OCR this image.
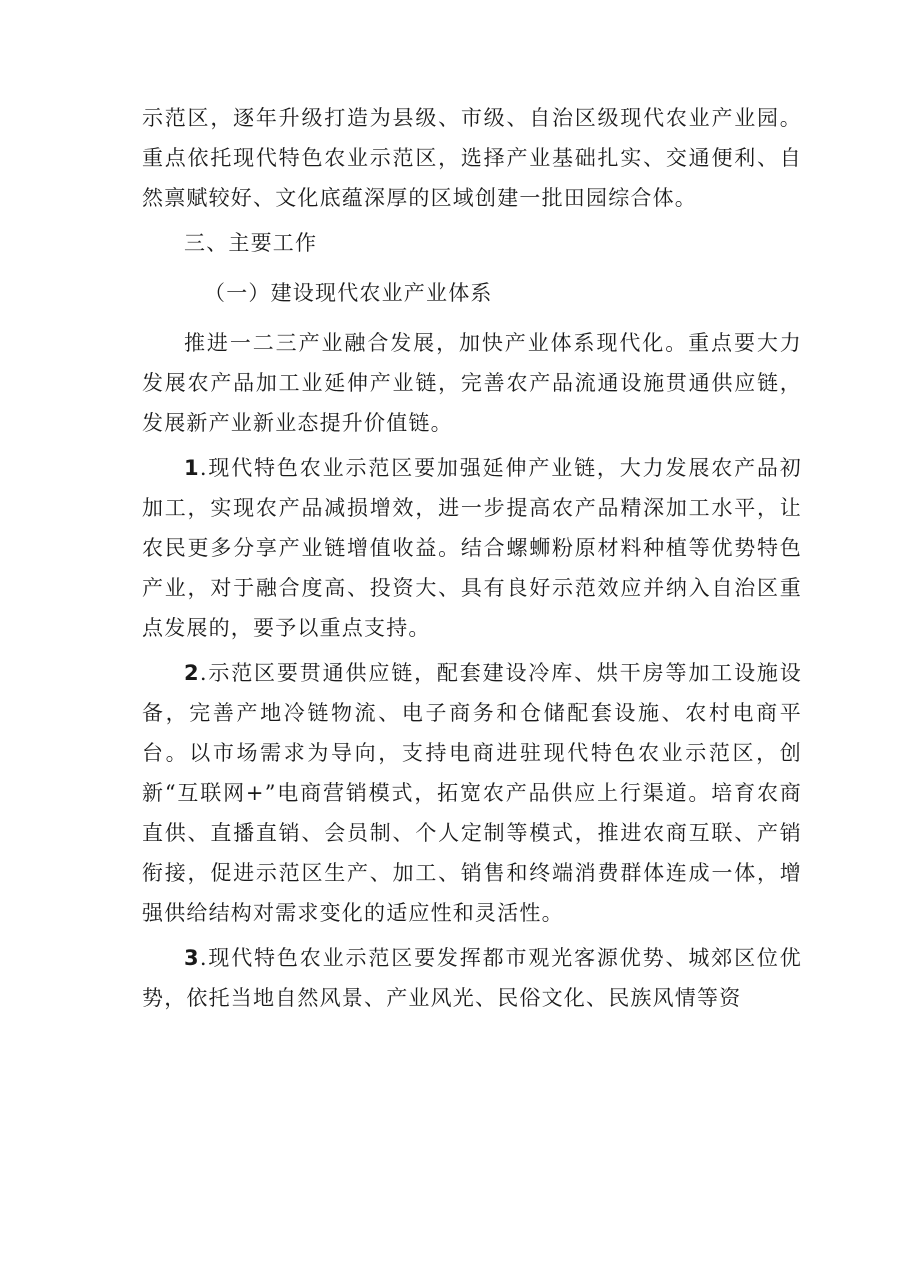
示范区，逐年升级打造为县级、市级、自治区级现代农业产业园。重点依托现代特色农业示范区，选择产业基础扎实、交通便利、自然禀赋较好、文化底蕴深厚的区域创建一批田园综合体。

三、主要工作

（一）建设现代农业产业体系

推进一二三产业融合发展，加快产业体系现代化。重点要大力发展农产品加工业延伸产业链，完善农产品流通设施贯通供应链，发展新产业新业态提升价值链。

1.现代特色农业示范区要加强延伸产业链，大力发展农产品初加工，实现农产品减损增效，进一步提高农产品精深加工水平，让农民更多分享产业链增值收益。结合螺蛳粉原材料种植等优势特色产业，对于融合度高、投资大、具有良好示范效应并纳入自治区重点发展的，要予以重点支持。

2.示范区要贯通供应链，配套建设冷库、烘干房等加工设施设备，完善产地冷链物流、电子商务和仓储配套设施、农村电商平台。以市场需求为导向，支持电商进驻现代特色农业示范区，创新“互联网+”电商营销模式，拓宽农产品供应上行渠道。培育农商直供、直播直销、会员制、个人定制等模式，推进农商互联、产销衔接，促进示范区生产、加工、销售和终端消费群体连成一体，增强供给结构对需求变化的适应性和灵活性。

3.现代特色农业示范区要发挥都市观光客源优势、城郊区位优势，依托当地自然风景、产业风光、民俗文化、民族风情等资
